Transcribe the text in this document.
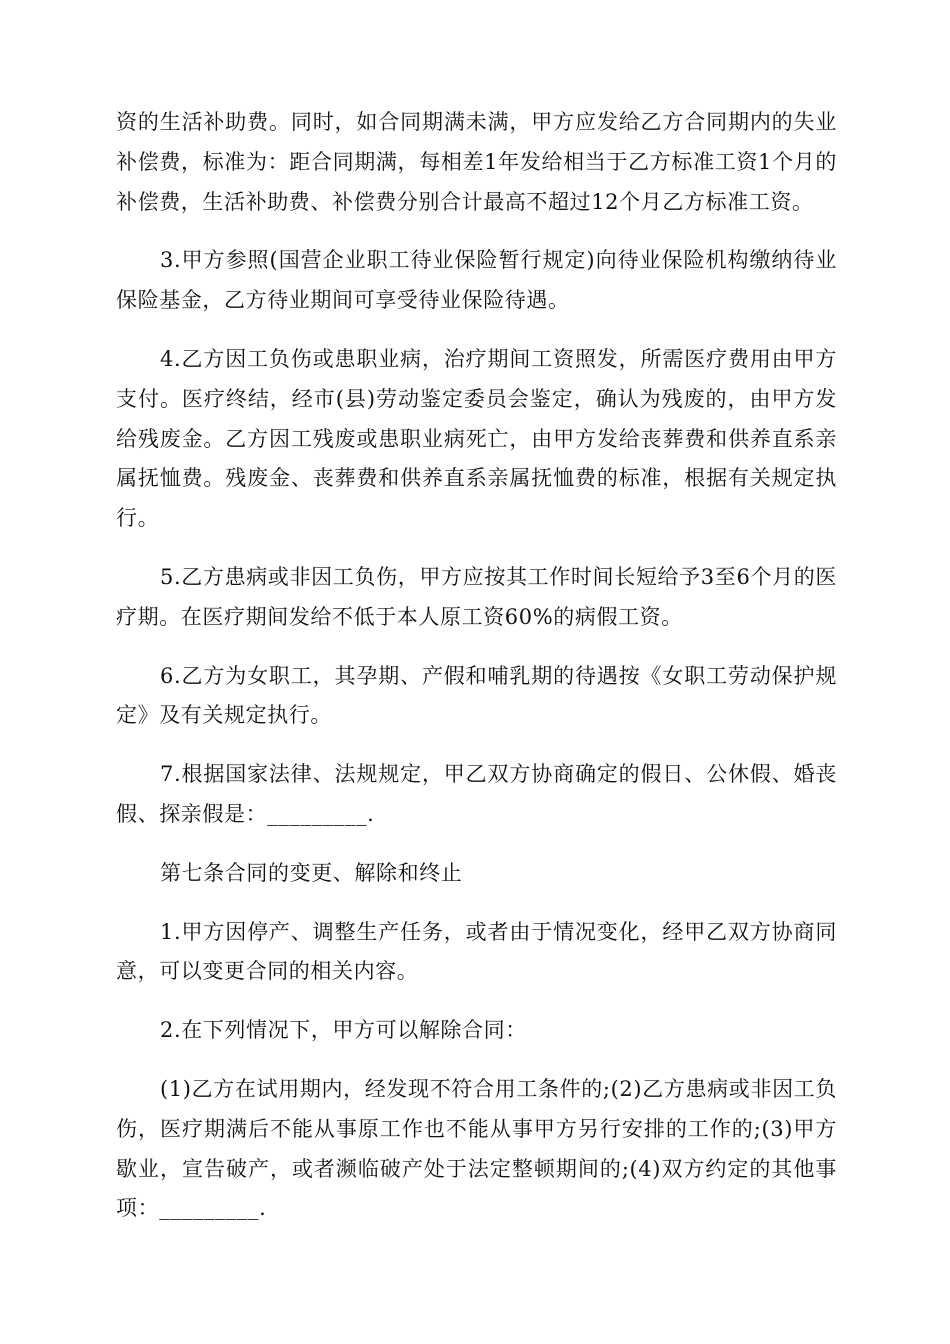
资的生活补助费。同时，如合同期满未满，甲方应发给乙方合同期内的失业补偿费，标准为：距合同期满，每相差1年发给相当于乙方标准工资1个月的补偿费，生活补助费、补偿费分别合计最高不超过12个月乙方标准工资。

3.甲方参照(国营企业职工待业保险暂行规定)向待业保险机构缴纳待业保险基金，乙方待业期间可享受待业保险待遇。

4.乙方因工负伤或患职业病，治疗期间工资照发，所需医疗费用由甲方支付。医疗终结，经市(县)劳动鉴定委员会鉴定，确认为残废的，由甲方发给残废金。乙方因工残废或患职业病死亡，由甲方发给丧葬费和供养直系亲属抚恤费。残废金、丧葬费和供养直系亲属抚恤费的标准，根据有关规定执行。

5.乙方患病或非因工负伤，甲方应按其工作时间长短给予3至6个月的医疗期。在医疗期间发给不低于本人原工资60%的病假工资。

6.乙方为女职工，其孕期、产假和哺乳期的待遇按《女职工劳动保护规定》及有关规定执行。

7.根据国家法律、法规规定，甲乙双方协商确定的假日、公休假、婚丧假、探亲假是：_________.

第七条合同的变更、解除和终止

1.甲方因停产、调整生产任务，或者由于情况变化，经甲乙双方协商同意，可以变更合同的相关内容。

2.在下列情况下，甲方可以解除合同：

(1)乙方在试用期内，经发现不符合用工条件的;(2)乙方患病或非因工负伤，医疗期满后不能从事原工作也不能从事甲方另行安排的工作的;(3)甲方歇业，宣告破产，或者濒临破产处于法定整顿期间的;(4)双方约定的其他事项：_________.
